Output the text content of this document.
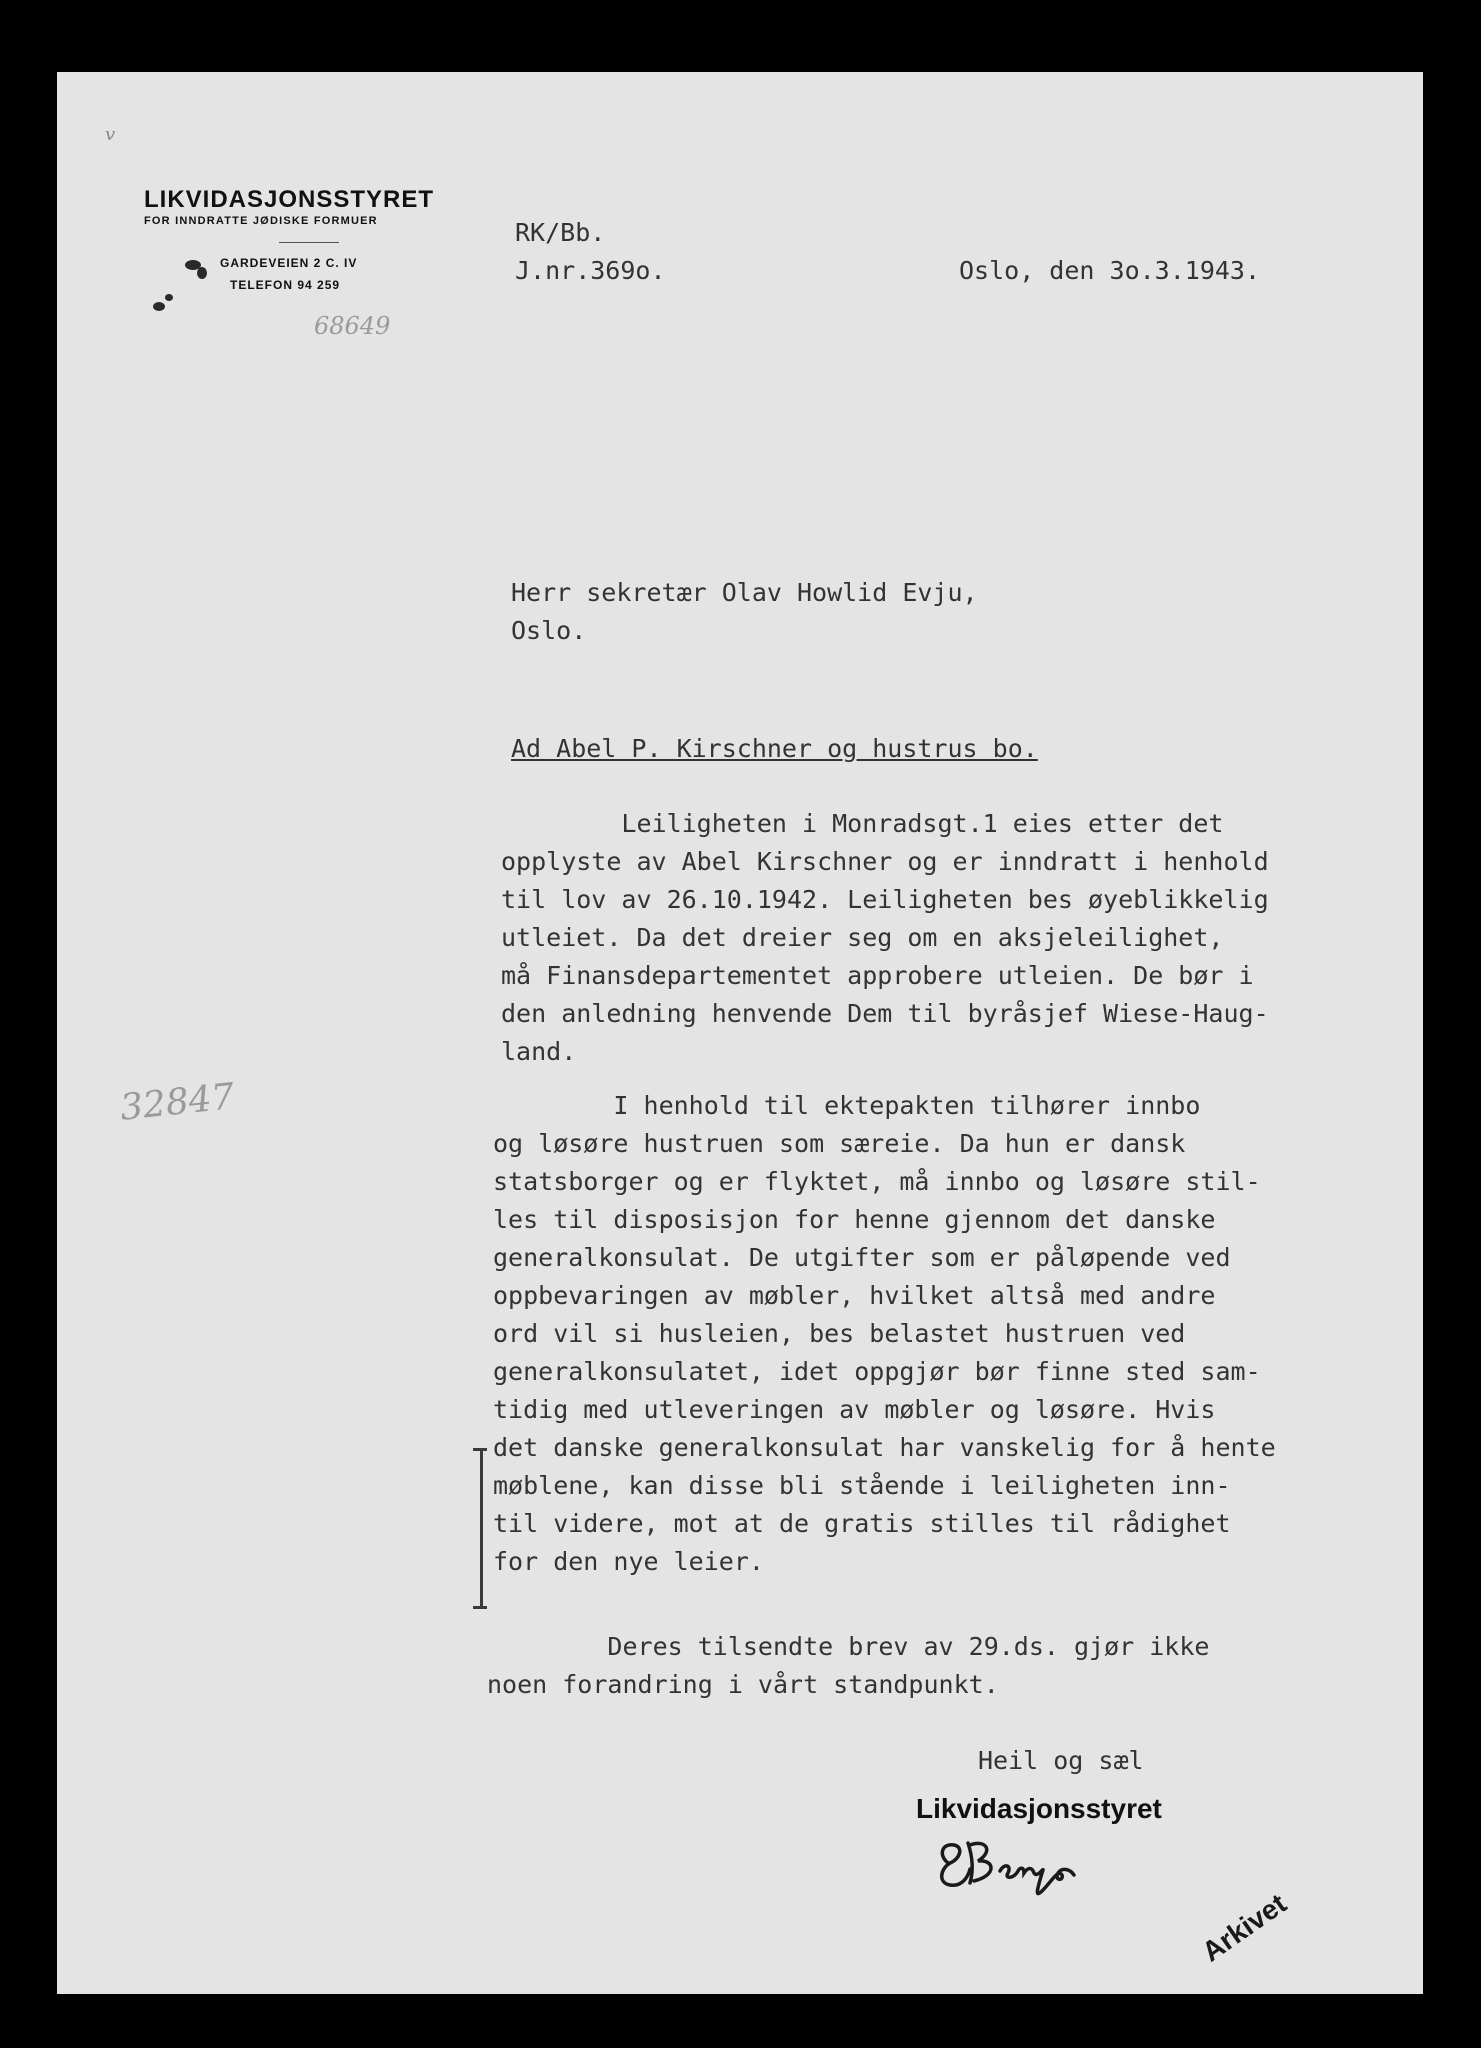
ⅴ
LIKVIDASJONSSTYRET
FOR INNDRATTE JØDISKE FORMUER
GARDEVEIEN 2 C. IV
TELEFON 94 259
68649
32847
RK/Bb.
J.nr.369o.	Oslo, den 3o.3.1943.
Herr sekretær Olav Howlid Evju,
Oslo.
Ad Abel P. Kirschner og hustrus bo.
Leiligheten i Monradsgt.1 eies etter det
opplyste av Abel Kirschner og er inndratt i henhold
til lov av 26.10.1942. Leiligheten bes øyeblikkelig
utleiet. Da det dreier seg om en aksjeleilighet,
må Finansdepartementet approbere utleien. De bør i
den anledning henvende Dem til byråsjef Wiese-Haug-
land.
I henhold til ektepakten tilhører innbo
og løsøre hustruen som særeie. Da hun er dansk
statsborger og er flyktet, må innbo og løsøre stil-
les til disposisjon for henne gjennom det danske
generalkonsulat. De utgifter som er påløpende ved
oppbevaringen av møbler, hvilket altså med andre
ord vil si husleien, bes belastet hustruen ved
generalkonsulatet, idet oppgjør bør finne sted sam-
tidig med utleveringen av møbler og løsøre. Hvis
det danske generalkonsulat har vanskelig for å hente
møblene, kan disse bli stående i leiligheten inn-
til videre, mot at de gratis stilles til rådighet
for den nye leier.
Deres tilsendte brev av 29.ds. gjør ikke
noen forandring i vårt standpunkt.
Heil og sæl
Likvidasjonsstyret
Arkivet
